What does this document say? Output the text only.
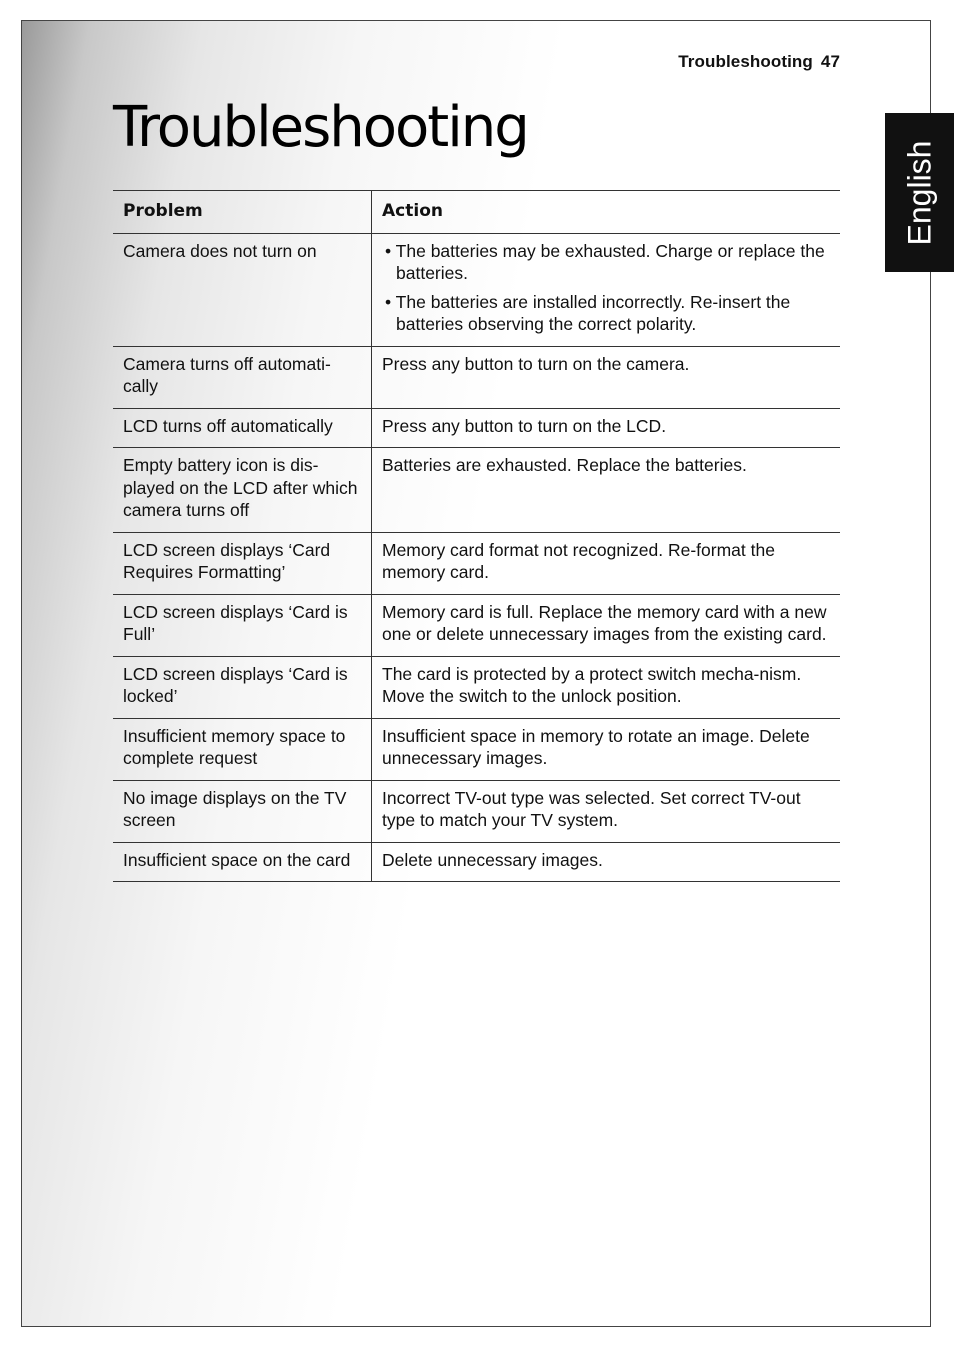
Troubleshooting 47
Troubleshooting
English
Problem	Action
Camera does not turn on	• The batteries may be exhausted. Charge or replace the batteries.
• The batteries are installed incorrectly. Re-insert the batteries observing the correct polarity.

Camera turns off automati-cally	Press any button to turn on the camera.
LCD turns off automatically	Press any button to turn on the LCD.
Empty battery icon is dis-played on the LCD after which camera turns off	Batteries are exhausted. Replace the batteries.
LCD screen displays ‘Card Requires Formatting’	Memory card format not recognized. Re-format the memory card.
LCD screen displays ‘Card is Full’	Memory card is full. Replace the memory card with a new one or delete unnecessary images from the existing card.
LCD screen displays ‘Card is locked’	The card is protected by a protect switch mecha-nism. Move the switch to the unlock position.
Insufficient memory space to complete request	Insufficient space in memory to rotate an image. Delete unnecessary images.
No image displays on the TV screen	Incorrect TV-out type was selected. Set correct TV-out type to match your TV system.
Insufficient space on the card	Delete unnecessary images.
